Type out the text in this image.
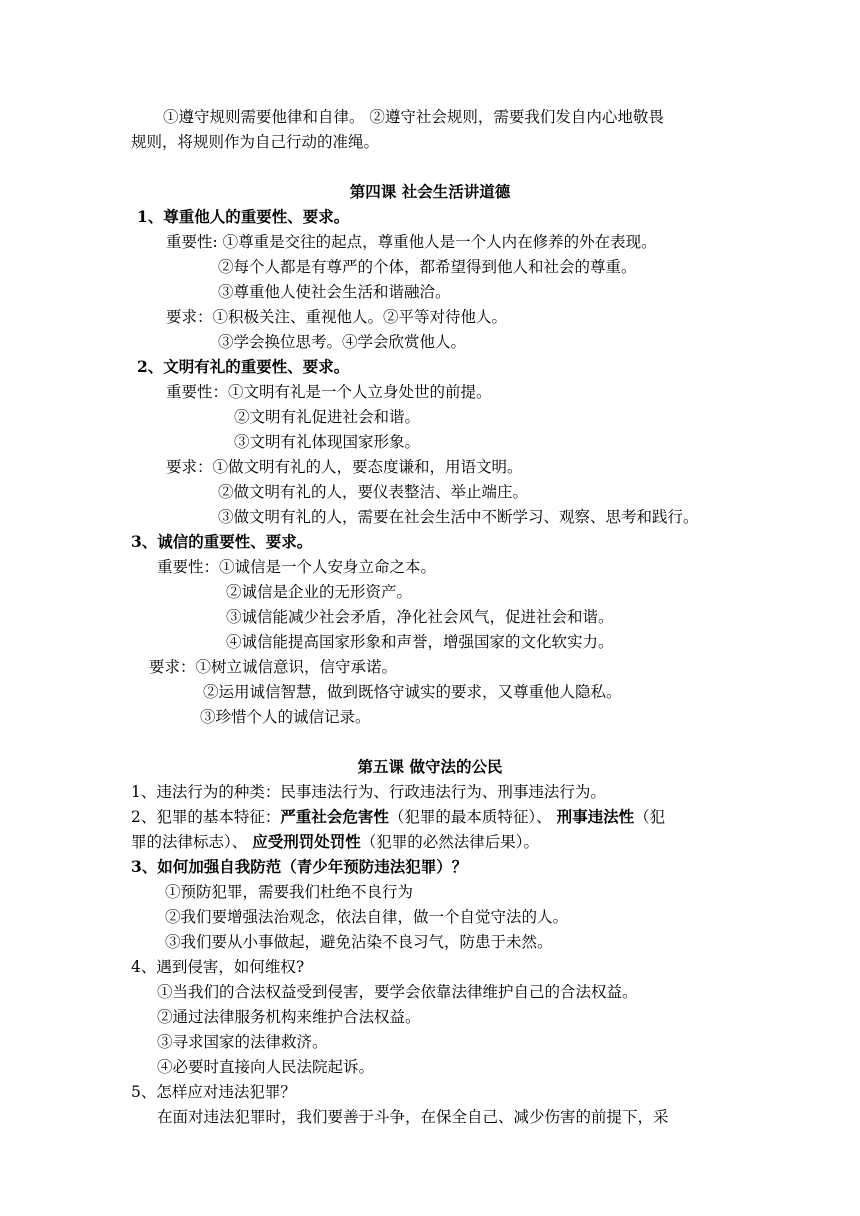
①遵守规则需要他律和自律。 ②遵守社会规则，需要我们发自内心地敬畏
规则，将规则作为自己行动的准绳。
第四课 社会生活讲道德
1、尊重他人的重要性、要求。
重要性: ①尊重是交往的起点，尊重他人是一个人内在修养的外在表现。
②每个人都是有尊严的个体，都希望得到他人和社会的尊重。
③尊重他人使社会生活和谐融洽。
要求：①积极关注、重视他人。②平等对待他人。
③学会换位思考。④学会欣赏他人。
2、文明有礼的重要性、要求。
重要性：①文明有礼是一个人立身处世的前提。
②文明有礼促进社会和谐。
③文明有礼体现国家形象。
要求：①做文明有礼的人，要态度谦和，用语文明。
②做文明有礼的人，要仪表整洁、举止端庄。
③做文明有礼的人，需要在社会生活中不断学习、观察、思考和践行。
3、诚信的重要性、要求。
重要性：①诚信是一个人安身立命之本。
②诚信是企业的无形资产。
③诚信能减少社会矛盾，净化社会风气，促进社会和谐。
④诚信能提高国家形象和声誉，增强国家的文化软实力。
要求：①树立诚信意识，信守承诺。
②运用诚信智慧，做到既恪守诚实的要求，又尊重他人隐私。
③珍惜个人的诚信记录。
第五课 做守法的公民
1、违法行为的种类：民事违法行为、行政违法行为、刑事违法行为。
2、犯罪的基本特征：严重社会危害性（犯罪的最本质特征）、 刑事违法性（犯
罪的法律标志）、 应受刑罚处罚性（犯罪的必然法律后果）。
3、如何加强自我防范（青少年预防违法犯罪）？
①预防犯罪，需要我们杜绝不良行为
②我们要增强法治观念，依法自律，做一个自觉守法的人。
③我们要从小事做起，避免沾染不良习气，防患于未然。
4、遇到侵害，如何维权?
①当我们的合法权益受到侵害，要学会依靠法律维护自己的合法权益。
②通过法律服务机构来维护合法权益。
③寻求国家的法律救济。
④必要时直接向人民法院起诉。
5、怎样应对违法犯罪？
在面对违法犯罪时，我们要善于斗争，在保全自己、减少伤害的前提下，采
